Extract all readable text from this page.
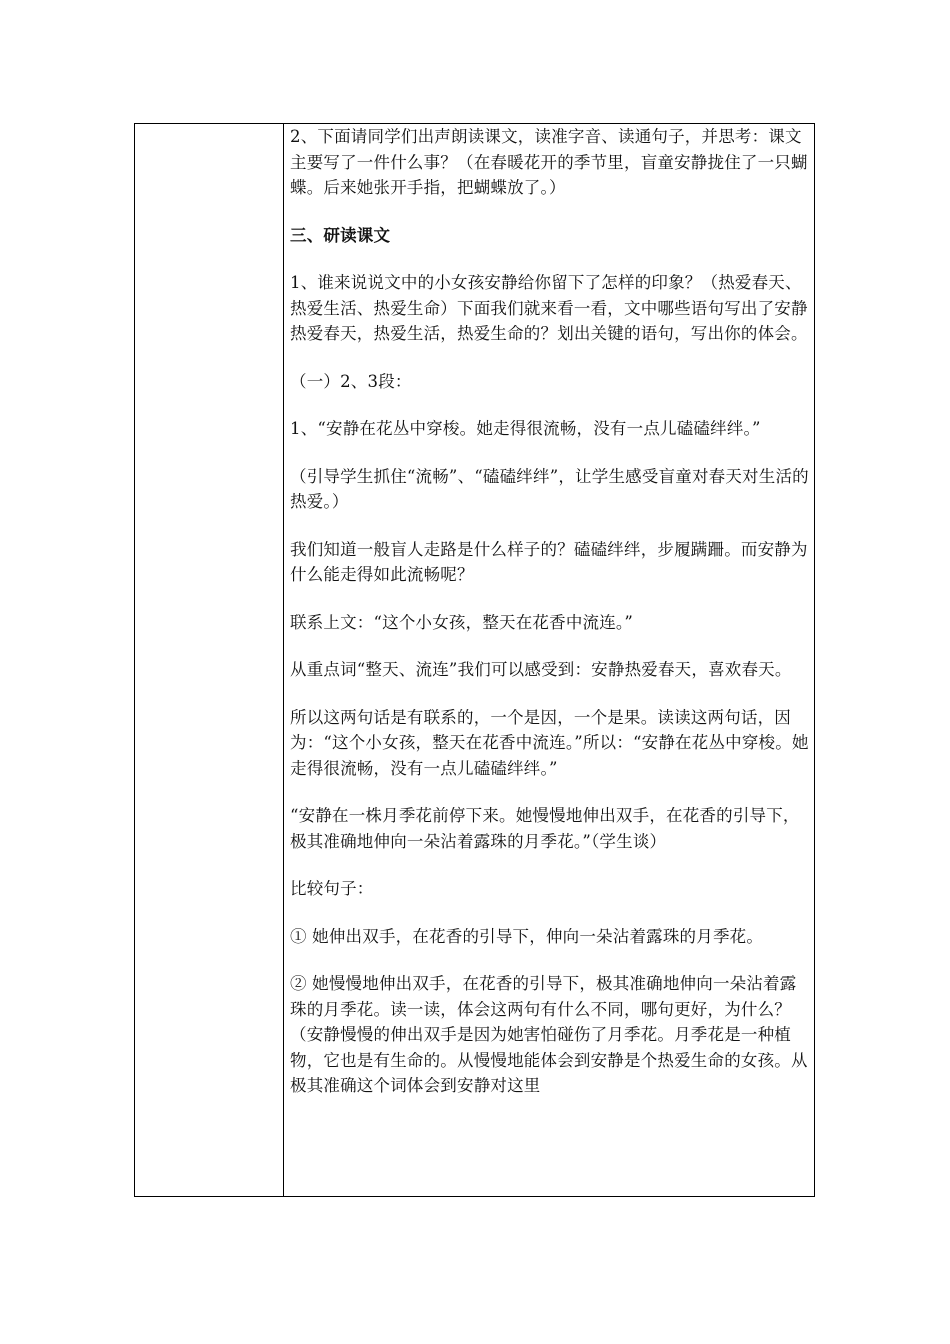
2、下面请同学们出声朗读课文，读准字音、读通句子，并思考：课文主要写了一件什么事？（在春暖花开的季节里，盲童安静拢住了一只蝴蝶。后来她张开手指，把蝴蝶放了。）

三、研读课文

1、谁来说说文中的小女孩安静给你留下了怎样的印象？（热爱春天、热爱生活、热爱生命）下面我们就来看一看，文中哪些语句写出了安静热爱春天，热爱生活，热爱生命的？划出关键的语句，写出你的体会。

（一）2、3段：

1、“安静在花丛中穿梭。她走得很流畅，没有一点儿磕磕绊绊。”

（引导学生抓住“流畅”、“磕磕绊绊”，让学生感受盲童对春天对生活的热爱。）

我们知道一般盲人走路是什么样子的？磕磕绊绊，步履蹒跚。而安静为什么能走得如此流畅呢？

联系上文：“这个小女孩，整天在花香中流连。”

从重点词“整天、流连”我们可以感受到：安静热爱春天，喜欢春天。

所以这两句话是有联系的，一个是因，一个是果。读读这两句话，因为：“这个小女孩，整天在花香中流连。”所以：“安静在花丛中穿梭。她走得很流畅，没有一点儿磕磕绊绊。”

“安静在一株月季花前停下来。她慢慢地伸出双手，在花香的引导下，极其准确地伸向一朵沾着露珠的月季花。”（学生谈）

比较句子：

① 她伸出双手，在花香的引导下，伸向一朵沾着露珠的月季花。

② 她慢慢地伸出双手，在花香的引导下，极其准确地伸向一朵沾着露珠的月季花。读一读，体会这两句有什么不同，哪句更好，为什么？（安静慢慢的伸出双手是因为她害怕碰伤了月季花。月季花是一种植物，它也是有生命的。从慢慢地能体会到安静是个热爱生命的女孩。从极其准确这个词体会到安静对这里
